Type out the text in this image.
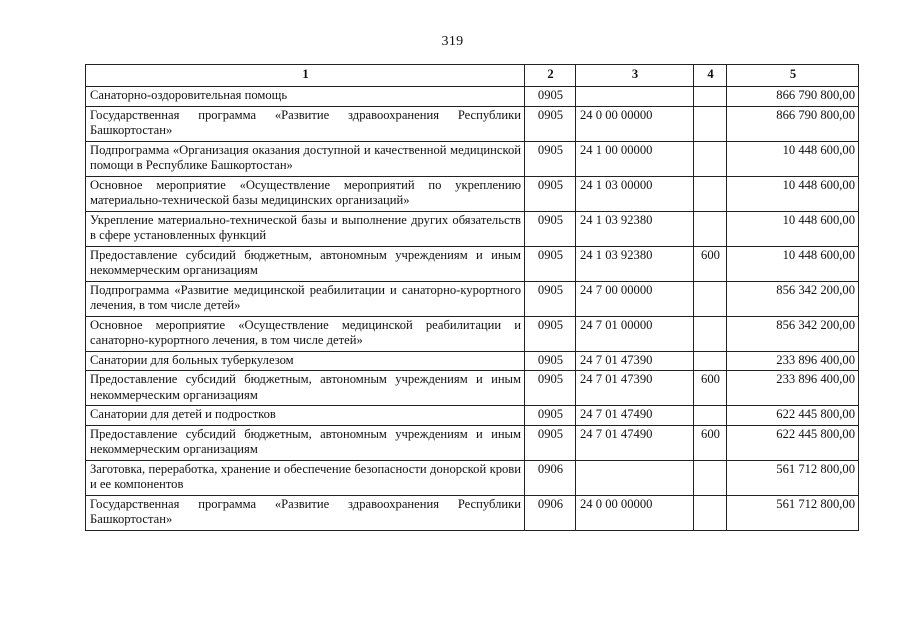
319
1	2	3	4	5
Санаторно-оздоровительная помощь	0905			866 790 800,00
Государственная программа «Развитие здравоохранения Республики Башкортостан»	0905	24 0 00 00000		866 790 800,00
Подпрограмма «Организация оказания доступной и качественной медицинской помощи в Республике Башкортостан»	0905	24 1 00 00000		10 448 600,00
Основное мероприятие «Осуществление мероприятий по укреплению материально-технической базы медицинских организаций»	0905	24 1 03 00000		10 448 600,00
Укрепление материально-технической базы и выполнение других обязательств в сфере установленных функций	0905	24 1 03 92380		10 448 600,00
Предоставление субсидий бюджетным, автономным учреждениям и иным некоммерческим организациям	0905	24 1 03 92380	600	10 448 600,00
Подпрограмма «Развитие медицинской реабилитации и санаторно-курортного лечения, в том числе детей»	0905	24 7 00 00000		856 342 200,00
Основное мероприятие «Осуществление медицинской реабилитации и санаторно-курортного лечения, в том числе детей»	0905	24 7 01 00000		856 342 200,00
Санатории для больных туберкулезом	0905	24 7 01 47390		233 896 400,00
Предоставление субсидий бюджетным, автономным учреждениям и иным некоммерческим организациям	0905	24 7 01 47390	600	233 896 400,00
Санатории для детей и подростков	0905	24 7 01 47490		622 445 800,00
Предоставление субсидий бюджетным, автономным учреждениям и иным некоммерческим организациям	0905	24 7 01 47490	600	622 445 800,00
Заготовка, переработка, хранение и обеспечение безопасности донорской крови и ее компонентов	0906			561 712 800,00
Государственная программа «Развитие здравоохранения Республики Башкортостан»	0906	24 0 00 00000		561 712 800,00
